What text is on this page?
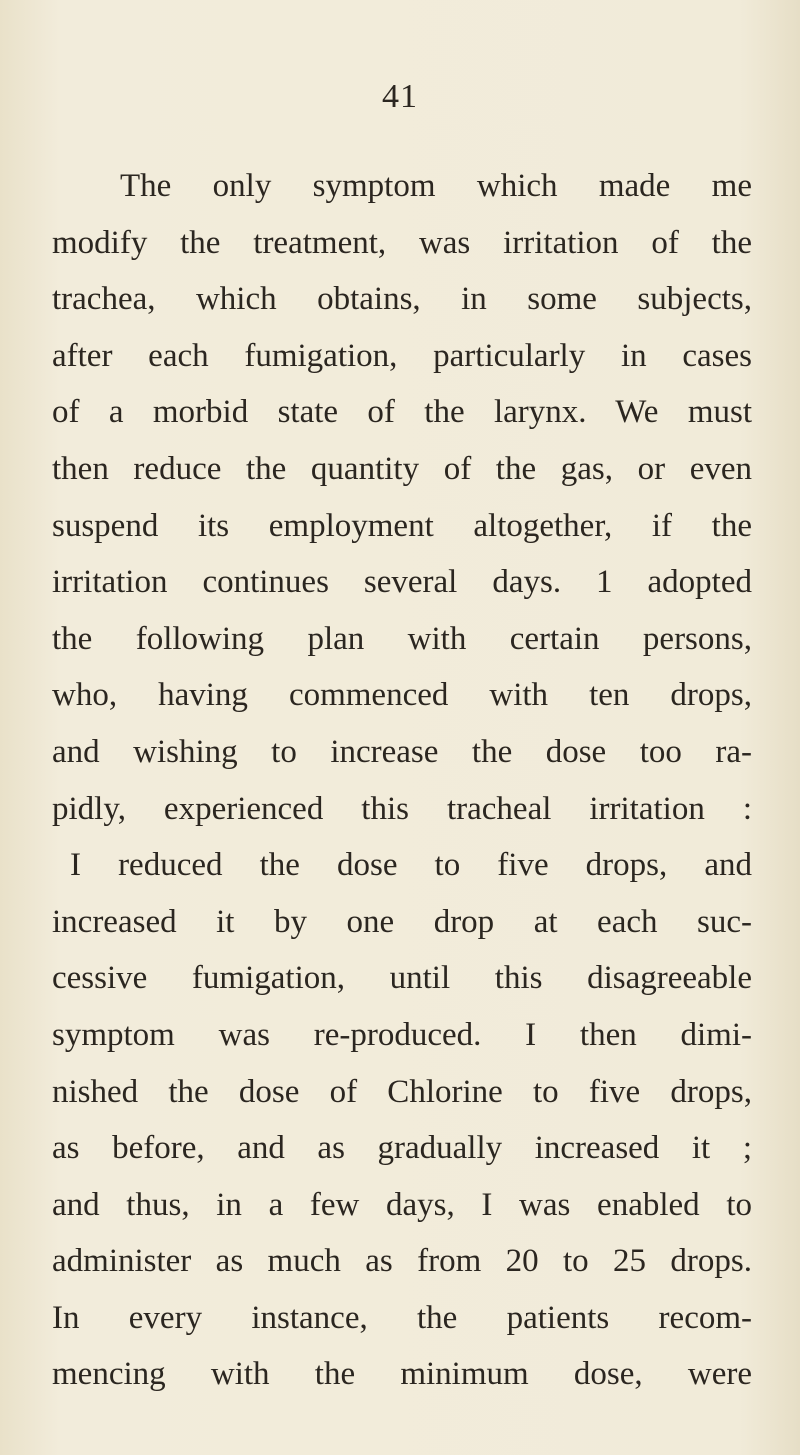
41
The only symptom which made me
modify the treatment, was irritation of the
trachea, which obtains, in some subjects,
after each fumigation, particularly in cases
of a morbid state of the larynx. We must
then reduce the quantity of the gas, or even
suspend its employment altogether, if the
irritation continues several days. 1 adopted
the following plan with certain persons,
who, having commenced with ten drops,
and wishing to increase the dose too ra-
pidly, experienced this tracheal irritation :
I reduced the dose to five drops, and
increased it by one drop at each suc-
cessive fumigation, until this disagreeable
symptom was re-produced. I then dimi-
nished the dose of Chlorine to five drops,
as before, and as gradually increased it ;
and thus, in a few days, I was enabled to
administer as much as from 20 to 25 drops.
In every instance, the patients recom-
mencing with the minimum dose, were
